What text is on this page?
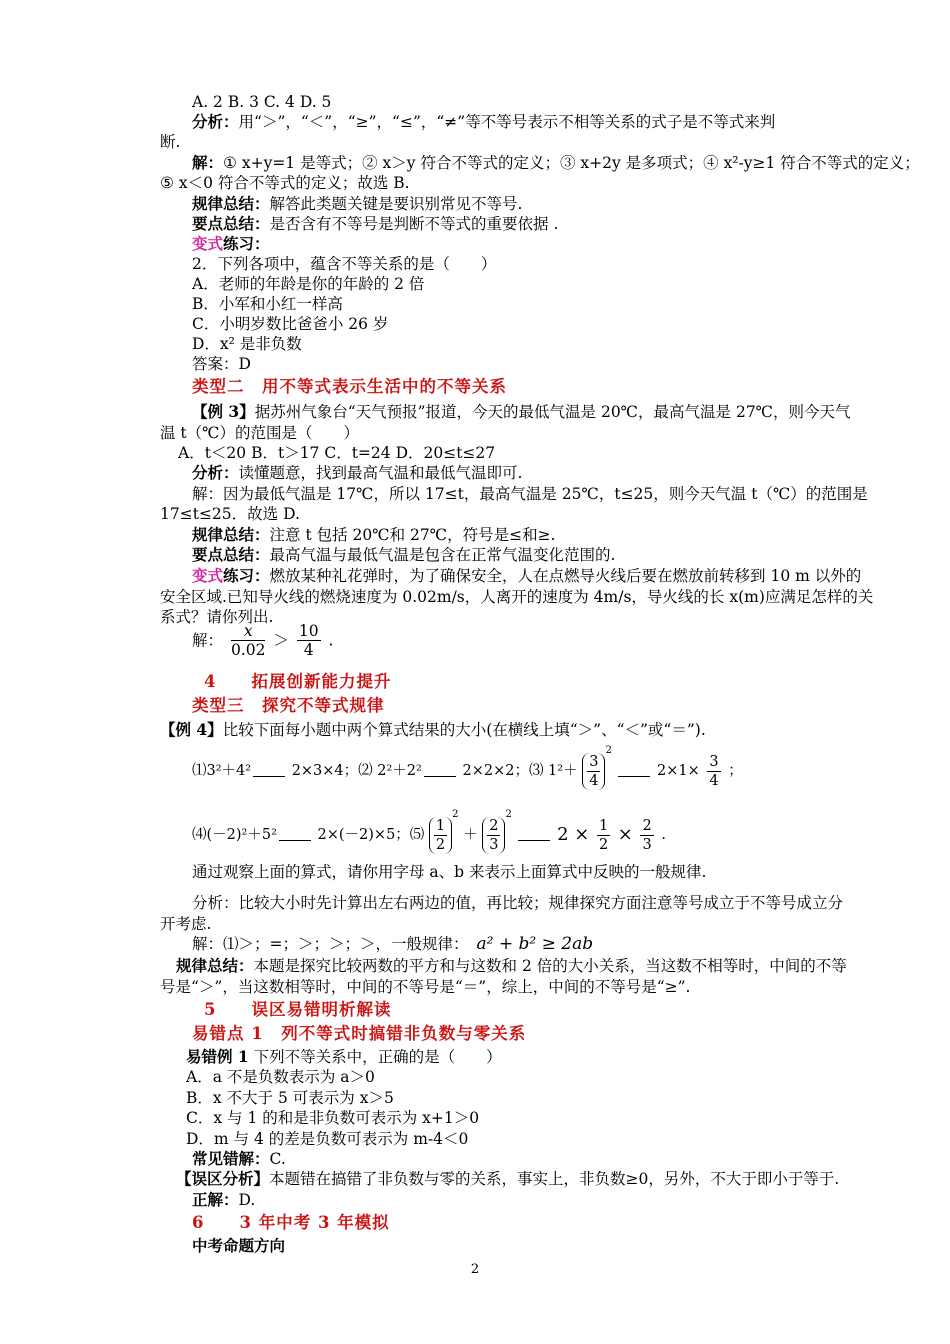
A. 2 B. 3 C. 4 D. 5
分析：用“＞”，“＜”，“≥”，“≤”，“≠”等不等号表示不相等关系的式子是不等式来判
断.
解：① x+y=1 是等式；② x＞y 符合不等式的定义；③ x+2y 是多项式；④ x²-y≥1 符合不等式的定义；
⑤ x＜0 符合不等式的定义；故选 B.
规律总结：解答此类题关键是要识别常见不等号.
要点总结：是否含有不等号是判断不等式的重要依据 .
变式练习：
2．下列各项中，蕴含不等关系的是（　　）
A．老师的年龄是你的年龄的 2 倍
B．小军和小红一样高
C．小明岁数比爸爸小 26 岁
D．x² 是非负数
答案：D
类型二　用不等式表示生活中的不等关系
【例 3】据苏州气象台“天气预报”报道，今天的最低气温是 20℃，最高气温是 27℃，则今天气
温 t（℃）的范围是（　　）
A．t＜20 B．t＞17 C．t=24 D．20≤t≤27
分析：读懂题意，找到最高气温和最低气温即可.
解：因为最低气温是 17℃，所以 17≤t，最高气温是 25℃，t≤25，则今天气温 t（℃）的范围是
17≤t≤25．故选 D.
规律总结：注意 t 包括 20℃和 27℃，符号是≤和≥.
要点总结：最高气温与最低气温是包含在正常气温变化范围的.
变式练习：燃放某种礼花弹时，为了确保安全，人在点燃导火线后要在燃放前转移到 10 m 以外的
安全区域.已知导火线的燃烧速度为 0.02m/s，人离开的速度为 4m/s，导火线的长 x(m)应满足怎样的关
系式？请你列出.
解： $\frac{x}{0.02} > \frac{10}{4}$ .
4　　拓展创新能力提升
类型三　探究不等式规律
【例 4】比较下面每小题中两个算式结果的大小(在横线上填“＞”、“＜”或“＝”).
⑴3²＋4²	2×3×4；⑵ 2²＋2²	2×2×2；⑶ $1^2+ \frac{3}{4}$
$^2$  $2\times 1\times \frac{3}{4}$ ；
⑷(－2)²＋5²	2×(－2)×5；⑸ $\frac{1}{2}$
$^2 + \frac{2}{3}$
$^2$  $2 \times \frac{1}{2} \times \frac{2}{3}$ .
通过观察上面的算式，请你用字母 a、b 来表示上面算式中反映的一般规律.
分析：比较大小时先计算出左右两边的值，再比较；规律探究方面注意等号成立于不等号成立分
开考虑.
解：⑴＞；=；＞；＞；＞，一般规律： a² + b² ≥ 2ab
规律总结：本题是探究比较两数的平方和与这数和 2 倍的大小关系，当这数不相等时，中间的不等
号是“＞”，当这数相等时，中间的不等号是“＝”，综上，中间的不等号是“≥”.
5　　误区易错明析解读
易错点 1　列不等式时搞错非负数与零关系
易错例 1 下列不等关系中，正确的是（　　）
A．a 不是负数表示为 a＞0
B．x 不大于 5 可表示为 x＞5
C．x 与 1 的和是非负数可表示为 x+1＞0
D．m 与 4 的差是负数可表示为 m-4＜0
常见错解：C.
【误区分析】本题错在搞错了非负数与零的关系，事实上，非负数≥0，另外，不大于即小于等于.
正解：D.
6　　3 年中考 3 年模拟
中考命题方向
2
